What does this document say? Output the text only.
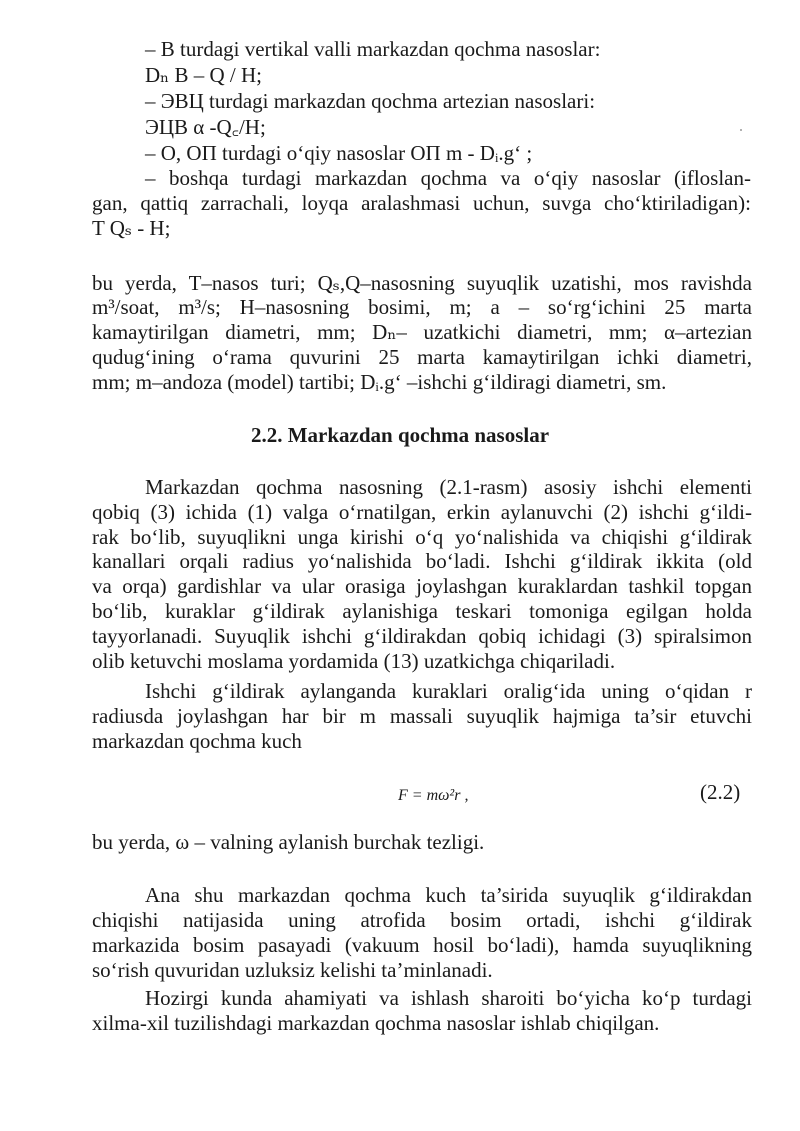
– B turdagi vertikal valli markazdan qochma nasoslar:
Dₙ B – Q / H;
– ЭВЦ turdagi markazdan qochma artezian nasoslari:
ЭЦВ α -Q꜀/H;
– O, OП turdagi o‘qiy nasoslar OП m - Dᵢ.g‘ ;
– boshqa turdagi markazdan qochma va o‘qiy nasoslar (ifloslan-
gan, qattiq zarrachali, loyqa aralashmasi uchun, suvga cho‘ktiriladigan):
T Qₛ - H;
bu yerda, T–nasos turi; Qₛ,Q–nasosning suyuqlik uzatishi, mos ravishda
m³/soat, m³/s; H–nasosning bosimi, m; a – so‘rg‘ichini 25 marta
kamaytirilgan diametri, mm; Dₙ– uzatkichi diametri, mm; α–artezian
qudug‘ining o‘rama quvurini 25 marta kamaytirilgan ichki diametri,
mm; m–andoza (model) tartibi; Dᵢ.g‘ –ishchi g‘ildiragi diametri, sm.
2.2. Markazdan qochma nasoslar
Markazdan qochma nasosning (2.1-rasm) asosiy ishchi elementi
qobiq (3) ichida (1) valga o‘rnatilgan, erkin aylanuvchi (2) ishchi g‘ildi-
rak bo‘lib, suyuqlikni unga kirishi o‘q yo‘nalishida va chiqishi g‘ildirak
kanallari orqali radius yo‘nalishida bo‘ladi. Ishchi g‘ildirak ikkita (old
va orqa) gardishlar va ular orasiga joylashgan kuraklardan tashkil topgan
bo‘lib, kuraklar g‘ildirak aylanishiga teskari tomoniga egilgan holda
tayyorlanadi. Suyuqlik ishchi g‘ildirakdan qobiq ichidagi (3) spiralsimon
olib ketuvchi moslama yordamida (13) uzatkichga chiqariladi.
Ishchi g‘ildirak aylanganda kuraklari oralig‘ida uning o‘qidan r
radiusda joylashgan har bir m massali suyuqlik hajmiga ta’sir etuvchi
markazdan qochma kuch
F = mω²r ,	(2.2)
bu yerda, ω – valning aylanish burchak tezligi.
Ana shu markazdan qochma kuch ta’sirida suyuqlik g‘ildirakdan
chiqishi natijasida uning atrofida bosim ortadi, ishchi g‘ildirak
markazida bosim pasayadi (vakuum hosil bo‘ladi), hamda suyuqlikning
so‘rish quvuridan uzluksiz kelishi ta’minlanadi.
Hozirgi kunda ahamiyati va ishlash sharoiti bo‘yicha ko‘p turdagi
xilma-xil tuzilishdagi markazdan qochma nasoslar ishlab chiqilgan.
